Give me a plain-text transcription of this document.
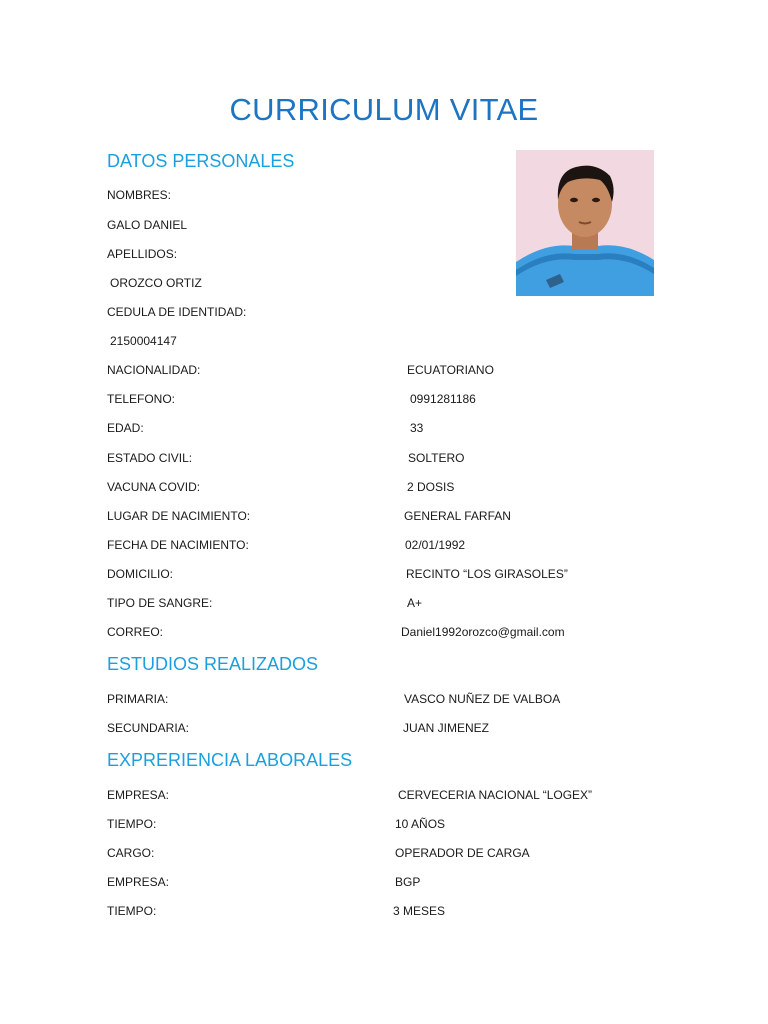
CURRICULUM VITAE
DATOS PERSONALES
NOMBRES:
GALO DANIEL
APELLIDOS:
OROZCO ORTIZ
CEDULA DE IDENTIDAD:
2150004147
NACIONALIDAD:	ECUATORIANO
TELEFONO:	0991281186
EDAD:	33
ESTADO CIVIL:	SOLTERO
VACUNA COVID:	2 DOSIS
LUGAR DE NACIMIENTO:	GENERAL FARFAN
FECHA DE NACIMIENTO:	02/01/1992
DOMICILIO:	RECINTO “LOS GIRASOLES”
TIPO DE SANGRE:	A+
CORREO:	Daniel1992orozco@gmail.com
ESTUDIOS REALIZADOS
PRIMARIA:	VASCO NUÑEZ DE VALBOA
SECUNDARIA:	JUAN JIMENEZ
EXPRERIENCIA LABORALES
EMPRESA:	CERVECERIA NACIONAL “LOGEX”
TIEMPO:	10 AÑOS
CARGO:	OPERADOR DE CARGA
EMPRESA:	BGP
TIEMPO:	3 MESES
